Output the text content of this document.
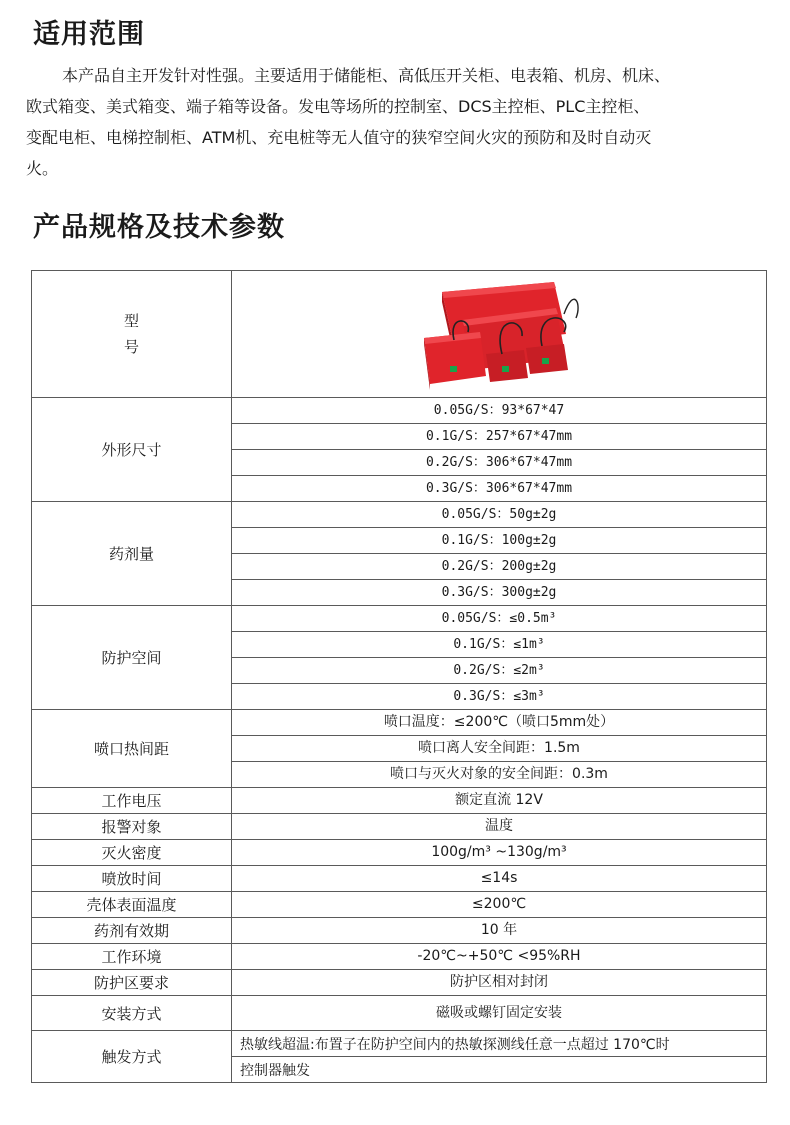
适用范围
本产品自主开发针对性强。主要适用于储能柜、高低压开关柜、电表箱、机房、机床、
欧式箱变、美式箱变、端子箱等设备。发电等场所的控制室、DCS主控柜、PLC主控柜、
变配电柜、电梯控制柜、ATM机、充电桩等无人值守的狭窄空间火灾的预防和及时自动灭
火。
产品规格及技术参数
型
号

外形尺寸	0.05G/S：93*67*47
	0.1G/S：257*67*47mm
	0.2G/S：306*67*47mm
	0.3G/S：306*67*47mm
药剂量	0.05G/S：50g±2g
	0.1G/S：100g±2g
	0.2G/S：200g±2g
	0.3G/S：300g±2g
防护空间	0.05G/S：≤0.5m³
	0.1G/S：≤1m³
	0.2G/S：≤2m³
	0.3G/S：≤3m³
喷口热间距	喷口温度：≤200℃（喷口5mm处）
	喷口离人安全间距：1.5m
	喷口与灭火对象的安全间距：0.3m
工作电压	额定直流 12V
报警对象	温度
灭火密度	100g/m³ ~130g/m³
喷放时间	≤14s
壳体表面温度	≤200℃
药剂有效期	10 年
工作环境	-20℃~+50℃ <95%RH
防护区要求	防护区相对封闭
安装方式	磁吸或螺钉固定安装
触发方式	热敏线超温:布置子在防护空间内的热敏探测线任意一点超过 170℃时
	控制器触发
